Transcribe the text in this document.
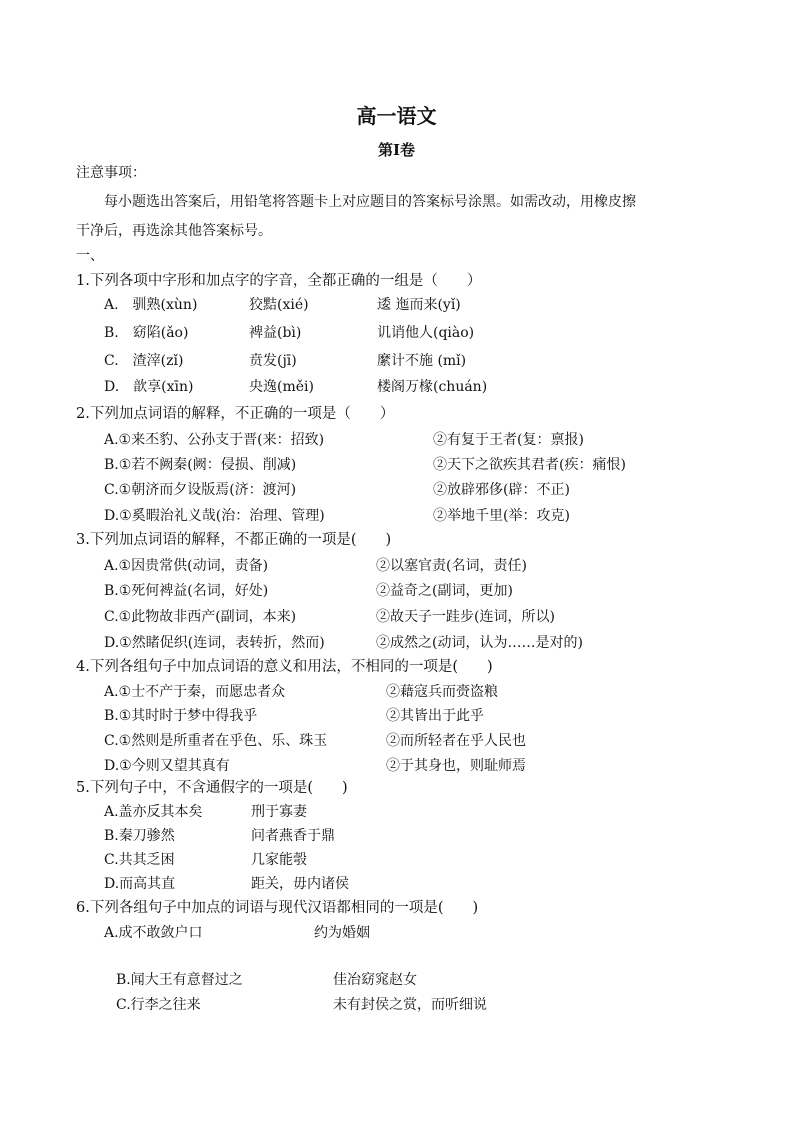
高一语文
第Ⅰ卷
注意事项：
每小题选出答案后，用铅笔将答题卡上对应题目的答案标号涂黑。如需改动，用橡皮擦
干净后，再选涂其他答案标号。
一、
1.下列各项中字形和加点字的字音，全都正确的一组是（　　）
A.　驯熟(xùn)	狡黠(xié)	逶 迤而来(yǐ)
B.　窈陷(ǎo)	裨益(bì)	讥诮他人(qiào)
C.　渣滓(zǐ)	贲发(jī)	縻计不施 (mǐ)
D.　歆享(xīn)	央逸(měi)	楼阁万椽(chuán)
2.下列加点词语的解释，不正确的一项是（　　）
A.①来丕豹、公孙支于晋(来：招致)	②有复于王者(复：禀报)
B.①若不阙秦(阙：侵损、削减)	②天下之欲疾其君者(疾：痛恨)
C.①朝济而夕设版焉(济：渡河)	②放辟邪侈(辟：不正)
D.①奚暇治礼义哉(治：治理、管理)	②举地千里(举：攻克)
3.下列加点词语的解释，不都正确的一项是(　　)
A.①因贵常供(动词，责备)	②以塞官责(名词，责任)
B.①死何裨益(名词，好处)	②益奇之(副词，更加)
C.①此物故非西产(副词，本来)	②故天子一跬步(连词，所以)
D.①然睹促织(连词，表转折，然而)	②成然之(动词，认为……是对的)
4.下列各组句子中加点词语的意义和用法，不相同的一项是(　　)
A.①士不产于秦，而愿忠者众	②藉寇兵而赍盗粮
B.①其时时于梦中得我乎	②其皆出于此乎
C.①然则是所重者在乎色、乐、珠玉	②而所轻者在乎人民也
D.①今则又望其真有	②于其身也，则耻师焉
5.下列句子中，不含通假字的一项是(　　)
A.盖亦反其本矣	刑于寡妻
B.秦刀骖然	问者燕香于鼎
C.共其乏困	几家能彀
D.而高其直	距关，毋内诸侯
6.下列各组句子中加点的词语与现代汉语都相同的一项是(　　)
A.成不敢敛户口	约为婚姻
B.闻大王有意督过之	佳冶窈窕赵女
C.行李之往来	未有封侯之赏，而听细说
